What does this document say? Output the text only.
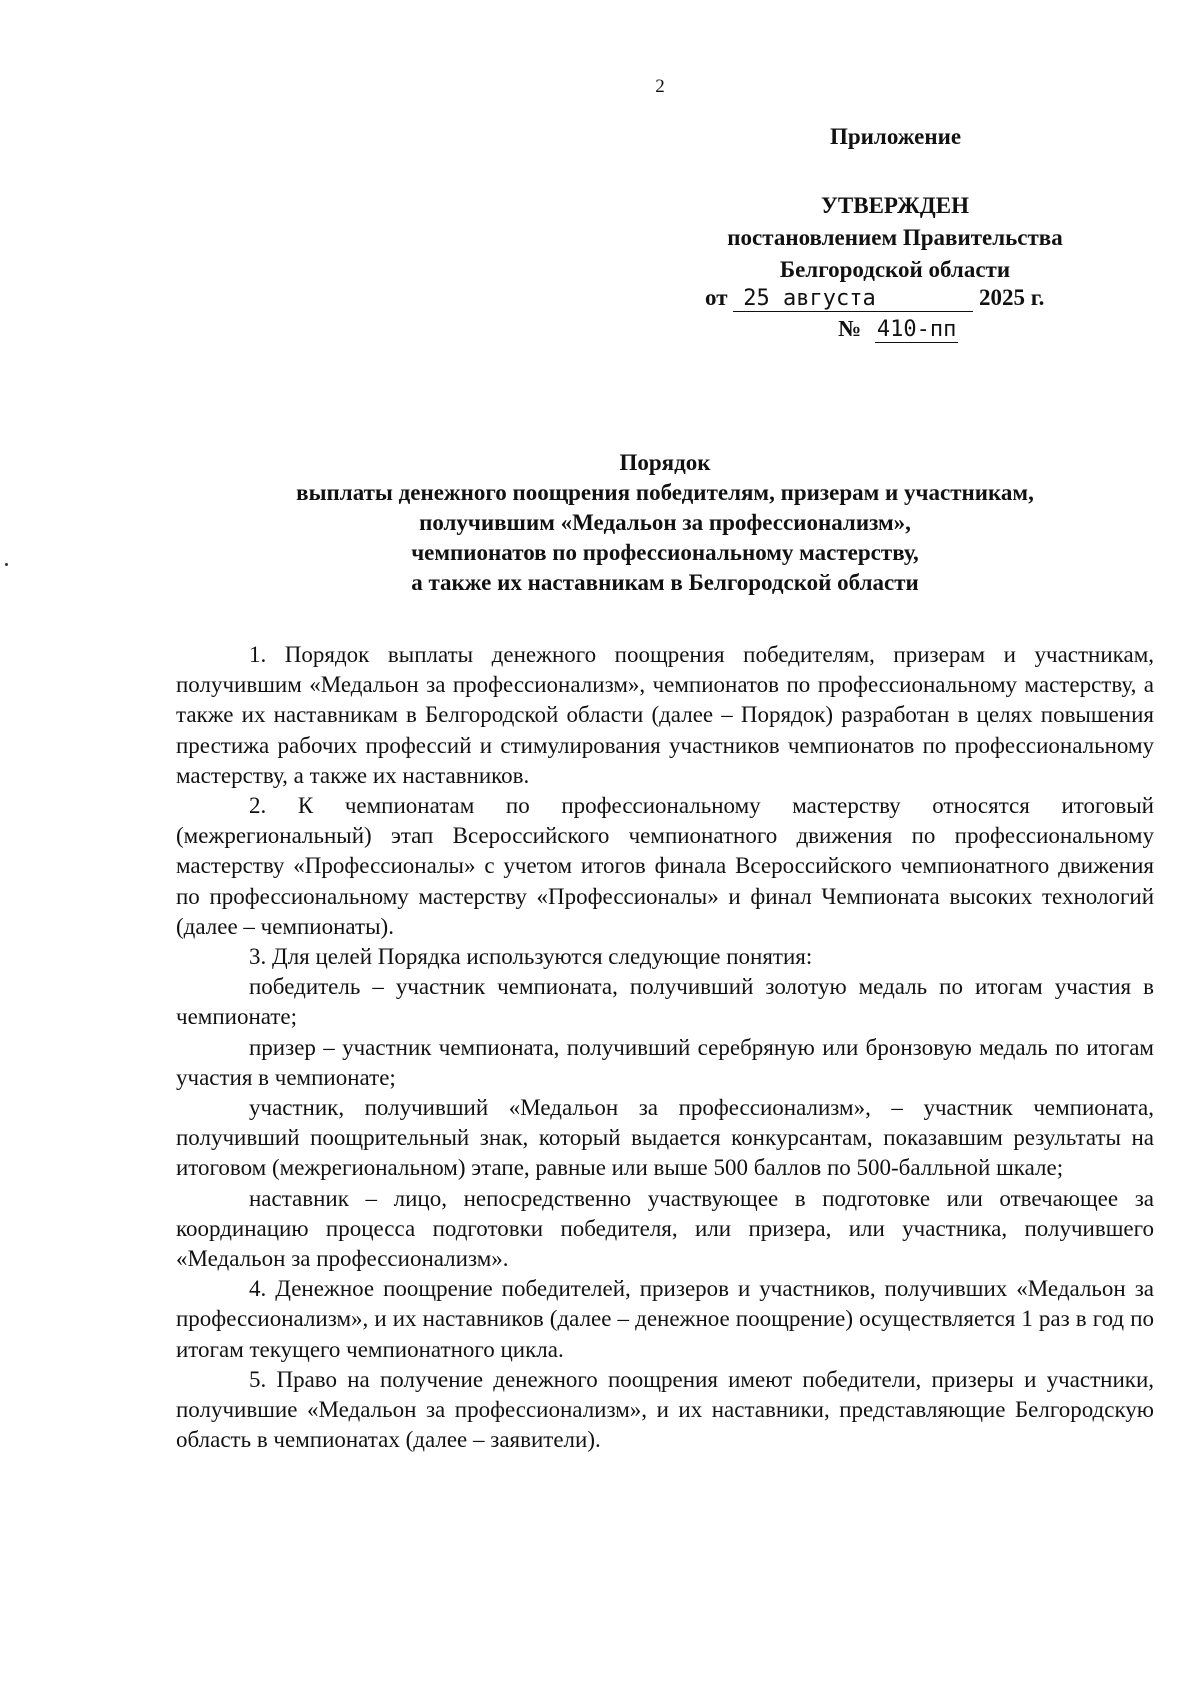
2
Приложение
УТВЕРЖДЕН
постановлением Правительства
Белгородской области
от 25 августа	2025 г.
№ 410-пп
Порядок
выплаты денежного поощрения победителям, призерам и участникам,
получившим «Медальон за профессионализм»,
чемпионатов по профессиональному мастерству,
а также их наставникам в Белгородской области

1. Порядок выплаты денежного поощрения победителям, призерам и участникам, получившим «Медальон за профессионализм», чемпионатов по профессиональному мастерству, а также их наставникам в Белгородской области (далее – Порядок) разработан в целях повышения престижа рабочих профессий и стимулирования участников чемпионатов по профессиональному мастерству, а также их наставников.

2. К чемпионатам по профессиональному мастерству относятся итоговый (межрегиональный) этап Всероссийского чемпионатного движения по профессиональному мастерству «Профессионалы» с учетом итогов финала Всероссийского чемпионатного движения по профессиональному мастерству «Профессионалы» и финал Чемпионата высоких технологий (далее – чемпионаты).

3. Для целей Порядка используются следующие понятия:

победитель – участник чемпионата, получивший золотую медаль по итогам участия в чемпионате;

призер – участник чемпионата, получивший серебряную или бронзовую медаль по итогам участия в чемпионате;

участник, получивший «Медальон за профессионализм», – участник чемпионата, получивший поощрительный знак, который выдается конкурсантам, показавшим результаты на итоговом (межрегиональном) этапе, равные или выше 500 баллов по 500-балльной шкале;

наставник – лицо, непосредственно участвующее в подготовке или отвечающее за координацию процесса подготовки победителя, или призера, или участника, получившего «Медальон за профессионализм».

4. Денежное поощрение победителей, призеров и участников, получивших «Медальон за профессионализм», и их наставников (далее – денежное поощрение) осуществляется 1 раз в год по итогам текущего чемпионатного цикла.

5. Право на получение денежного поощрения имеют победители, призеры и участники, получившие «Медальон за профессионализм», и их наставники, представляющие Белгородскую область в чемпионатах (далее – заявители).
